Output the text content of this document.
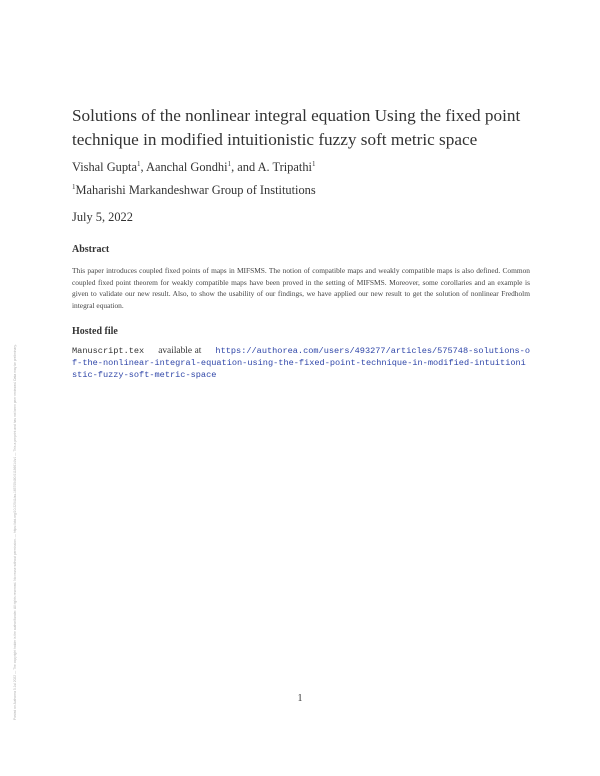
Posted on Authorea 5 Jul 2022 — The copyright holder is the author/funder. All rights reserved. No reuse without permission. — https://doi.org/10.22541/au.165705480.01186614/v1 — This a preprint and has not been peer reviewed. Data may be preliminary.
Solutions of the nonlinear integral equation Using the fixed point technique in modified intuitionistic fuzzy soft metric space
Vishal Gupta$^1$, Aanchal Gondhi$^1$, and A. Tripathi$^1$
$^1$Maharishi Markandeshwar Group of Institutions
July 5, 2022
Abstract

This paper introduces coupled fixed points of maps in MIFSMS. The notion of compatible maps and weakly compatible maps is also defined. Common coupled fixed point theorem for weakly compatible maps have been proved in the setting of MIFSMS. Moreover, some corollaries and an example is given to validate our new result. Also, to show the usability of our findings, we have applied our new result to get the solution of nonlinear Fredholm integral equation.

Hosted file

Manuscript.tex available at https://authorea.com/users/493277/articles/575748-solutions-of-the-nonlinear-integral-equation-using-the-fixed-point-technique-in-modified-intuitionistic-fuzzy-soft-metric-space

1
